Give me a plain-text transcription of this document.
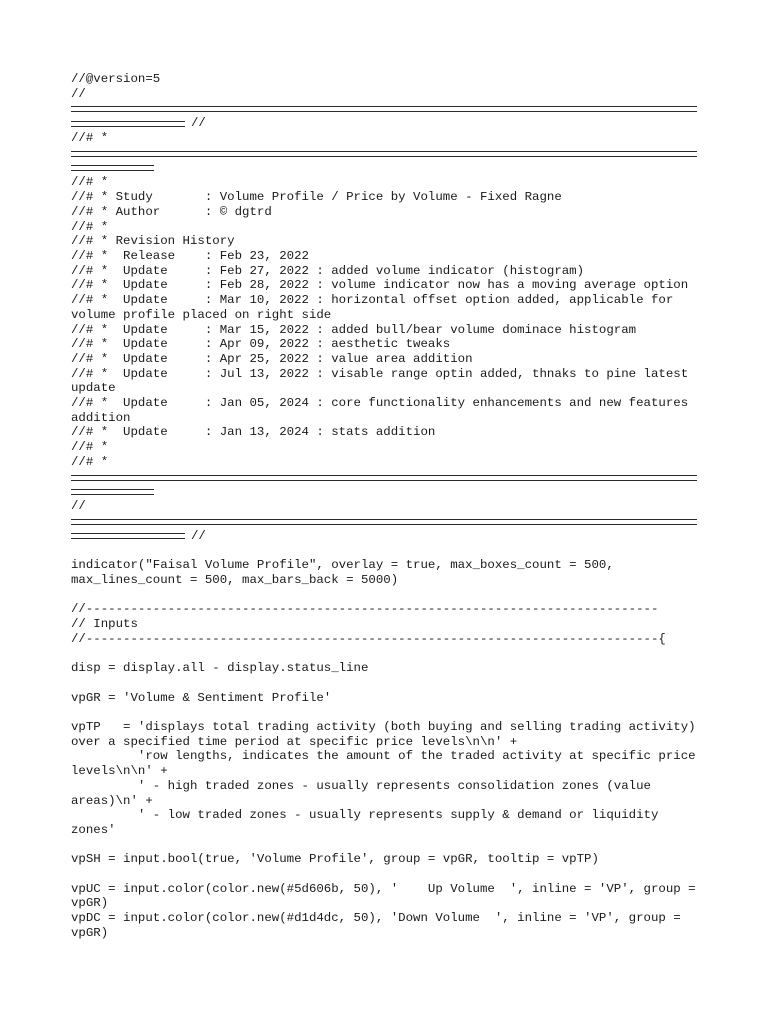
//@version=5
//
//
//# *
//# *
//# * Study       : Volume Profile / Price by Volume - Fixed Ragne
//# * Author      : © dgtrd
//# *
//# * Revision History
//# *  Release    : Feb 23, 2022
//# *  Update     : Feb 27, 2022 : added volume indicator (histogram)
//# *  Update     : Feb 28, 2022 : volume indicator now has a moving average option
//# *  Update     : Mar 10, 2022 : horizontal offset option added, applicable for volume profile placed on right side
//# *  Update     : Mar 15, 2022 : added bull/bear volume dominace histogram
//# *  Update     : Apr 09, 2022 : aesthetic tweaks
//# *  Update     : Apr 25, 2022 : value area addition
//# *  Update     : Jul 13, 2022 : visable range optin added, thnaks to pine latest update
//# *  Update     : Jan 05, 2024 : core functionality enhancements and new features addition
//# *  Update     : Jan 13, 2024 : stats addition
//# *
//# *
//
//
indicator("Faisal Volume Profile", overlay = true, max_boxes_count = 500, max_lines_count = 500, max_bars_back = 5000)
//-----------------------------------------------------------------------------
// Inputs
//-----------------------------------------------------------------------------{
disp = display.all - display.status_line
vpGR = 'Volume & Sentiment Profile'
vpTP   = 'displays total trading activity (both buying and selling trading activity) over a specified time period at specific price levels\n\n' +
'row lengths, indicates the amount of the traded activity at specific price levels\n\n' +
' - high traded zones - usually represents consolidation zones (value areas)\n' +
' - low traded zones - usually represents supply & demand or liquidity zones'
vpSH = input.bool(true, 'Volume Profile', group = vpGR, tooltip = vpTP)
vpUC = input.color(color.new(#5d606b, 50), '    Up Volume  ', inline = 'VP', group = vpGR)
vpDC = input.color(color.new(#d1d4dc, 50), 'Down Volume  ', inline = 'VP', group = vpGR)
